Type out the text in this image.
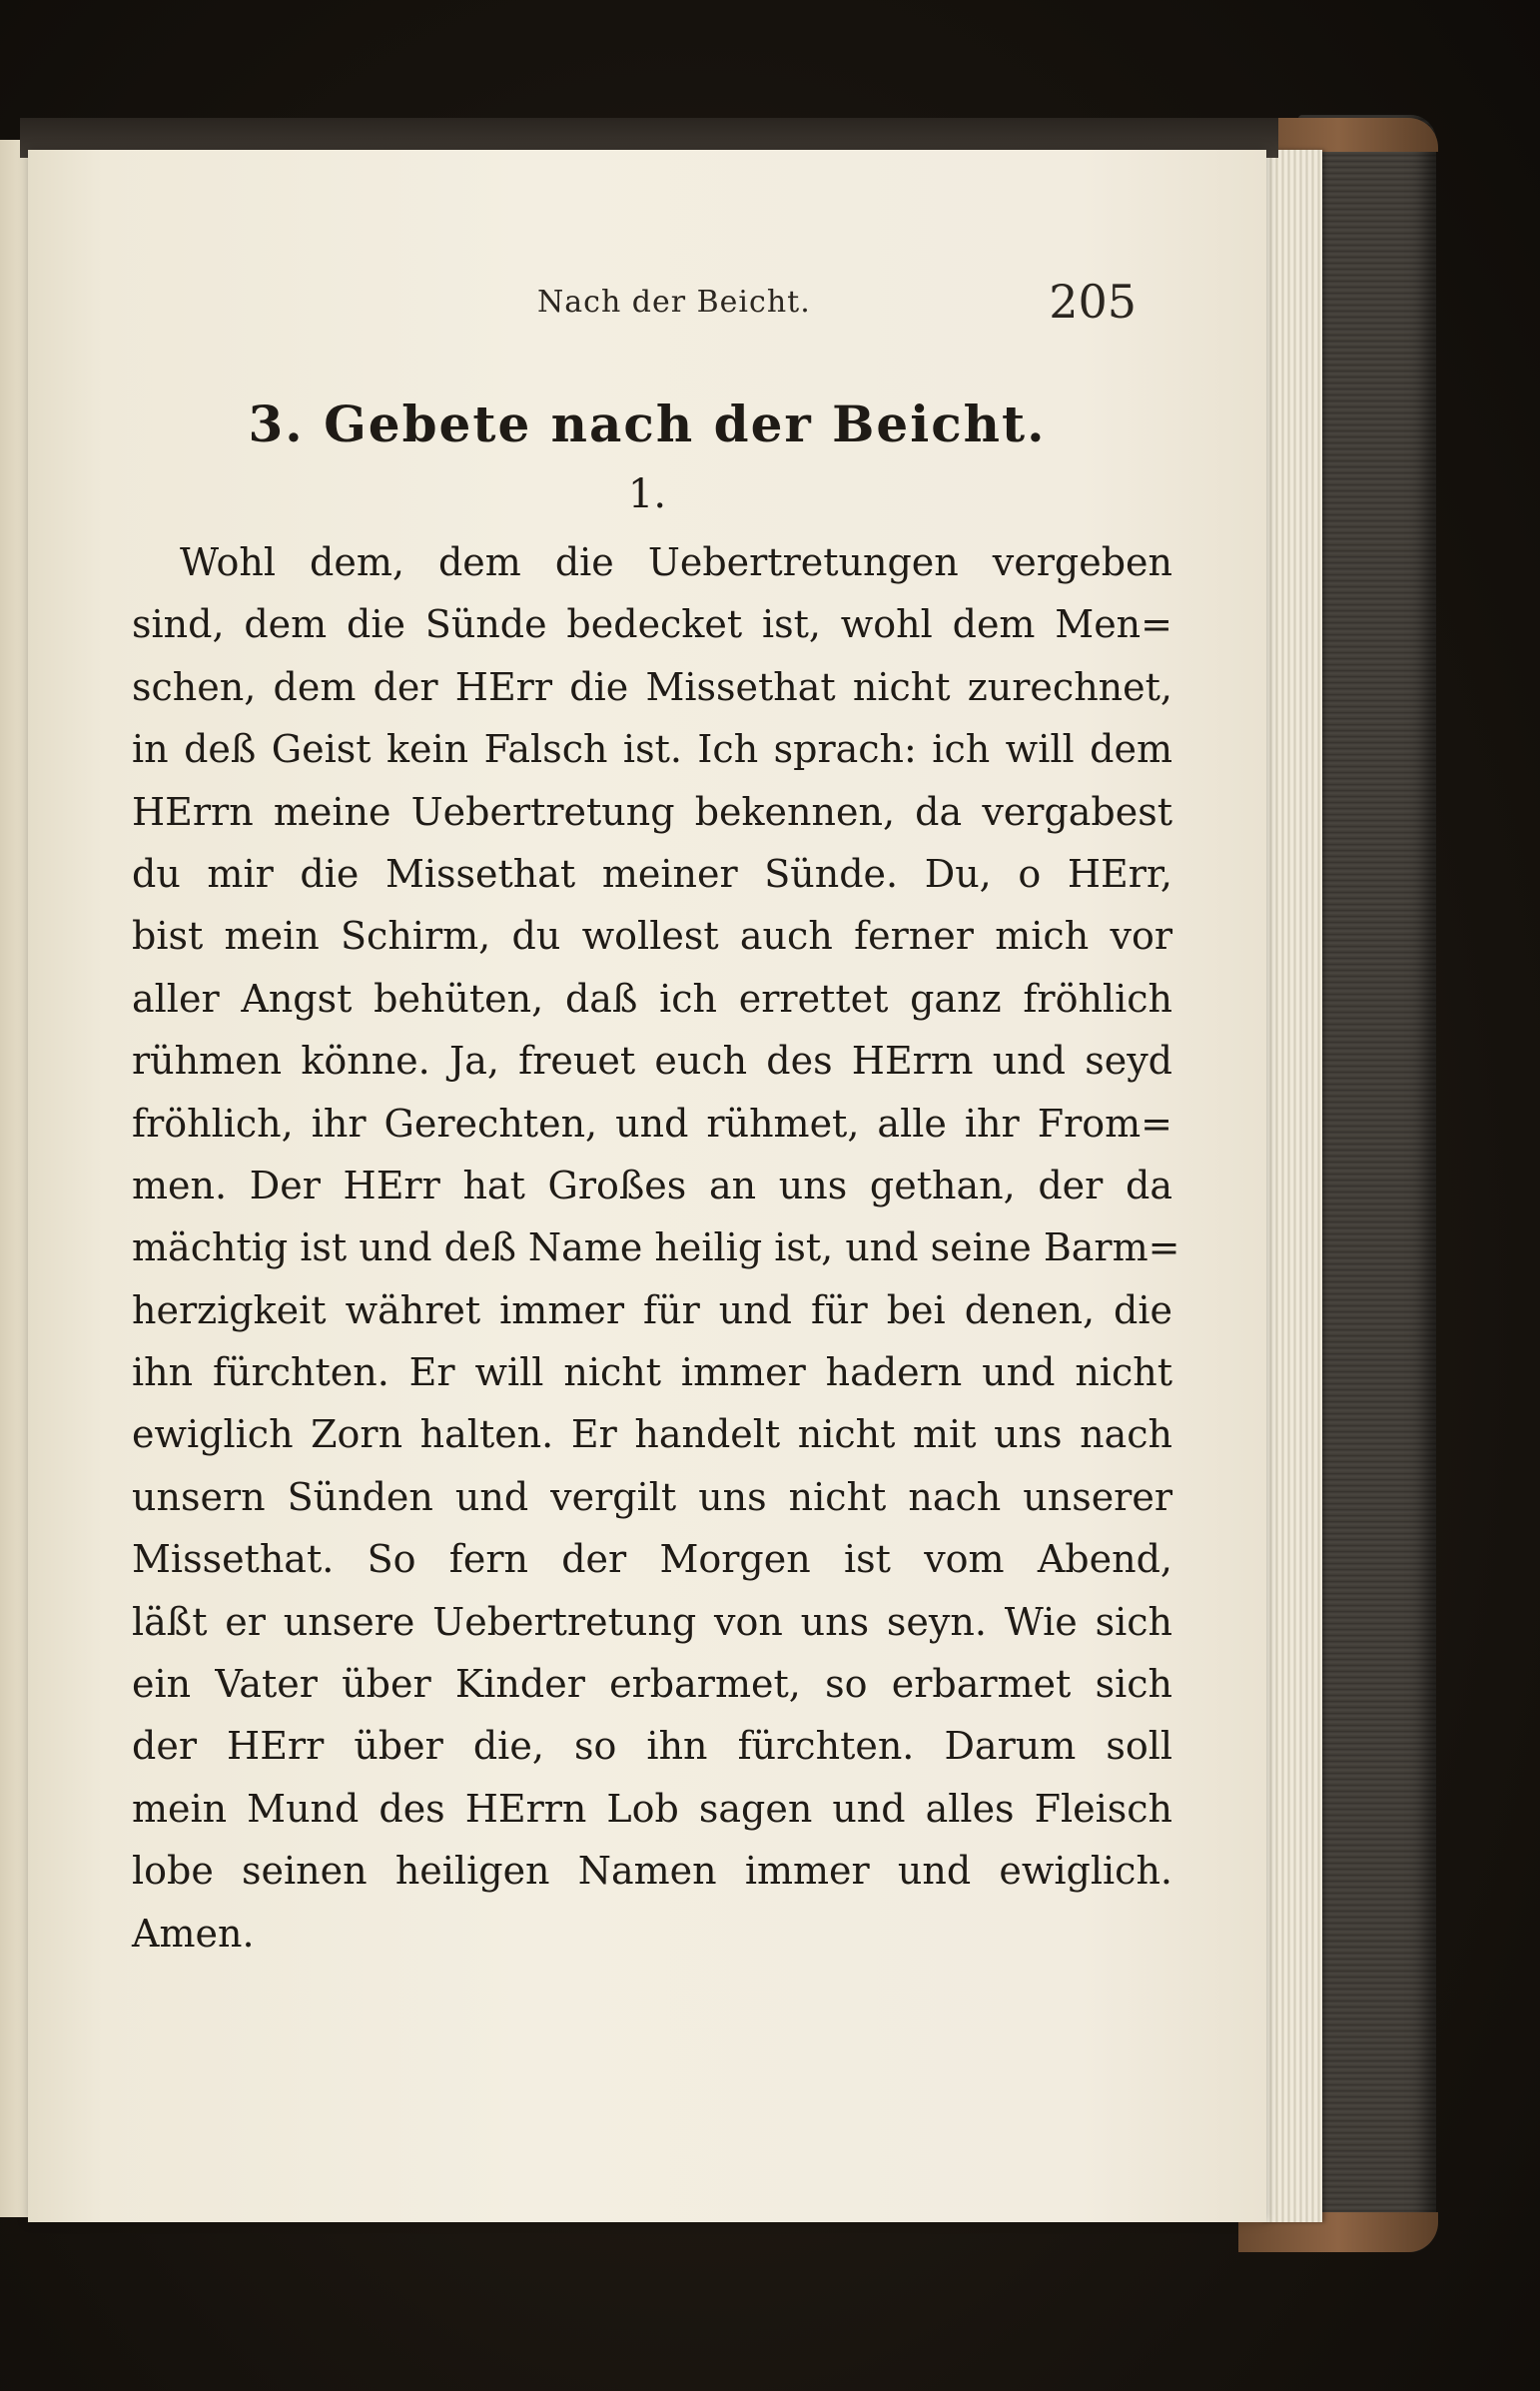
Nach der Beicht.	205
3. Gebete nach der Beicht.
1.
Wohl dem, dem die Uebertretungen vergeben
sind, dem die Sünde bedecket ist, wohl dem Men=
schen, dem der HErr die Missethat nicht zurechnet,
in deß Geist kein Falsch ist. Ich sprach: ich will dem
HErrn meine Uebertretung bekennen, da vergabest
du mir die Missethat meiner Sünde. Du, o HErr,
bist mein Schirm, du wollest auch ferner mich vor
aller Angst behüten, daß ich errettet ganz fröhlich
rühmen könne. Ja, freuet euch des HErrn und seyd
fröhlich, ihr Gerechten, und rühmet, alle ihr From=
men. Der HErr hat Großes an uns gethan, der da
mächtig ist und deß Name heilig ist, und seine Barm=
herzigkeit währet immer für und für bei denen, die
ihn fürchten. Er will nicht immer hadern und nicht
ewiglich Zorn halten. Er handelt nicht mit uns nach
unsern Sünden und vergilt uns nicht nach unserer
Missethat. So fern der Morgen ist vom Abend,
läßt er unsere Uebertretung von uns seyn. Wie sich
ein Vater über Kinder erbarmet, so erbarmet sich
der HErr über die, so ihn fürchten. Darum soll
mein Mund des HErrn Lob sagen und alles Fleisch
lobe seinen heiligen Namen immer und ewiglich.
Amen.
